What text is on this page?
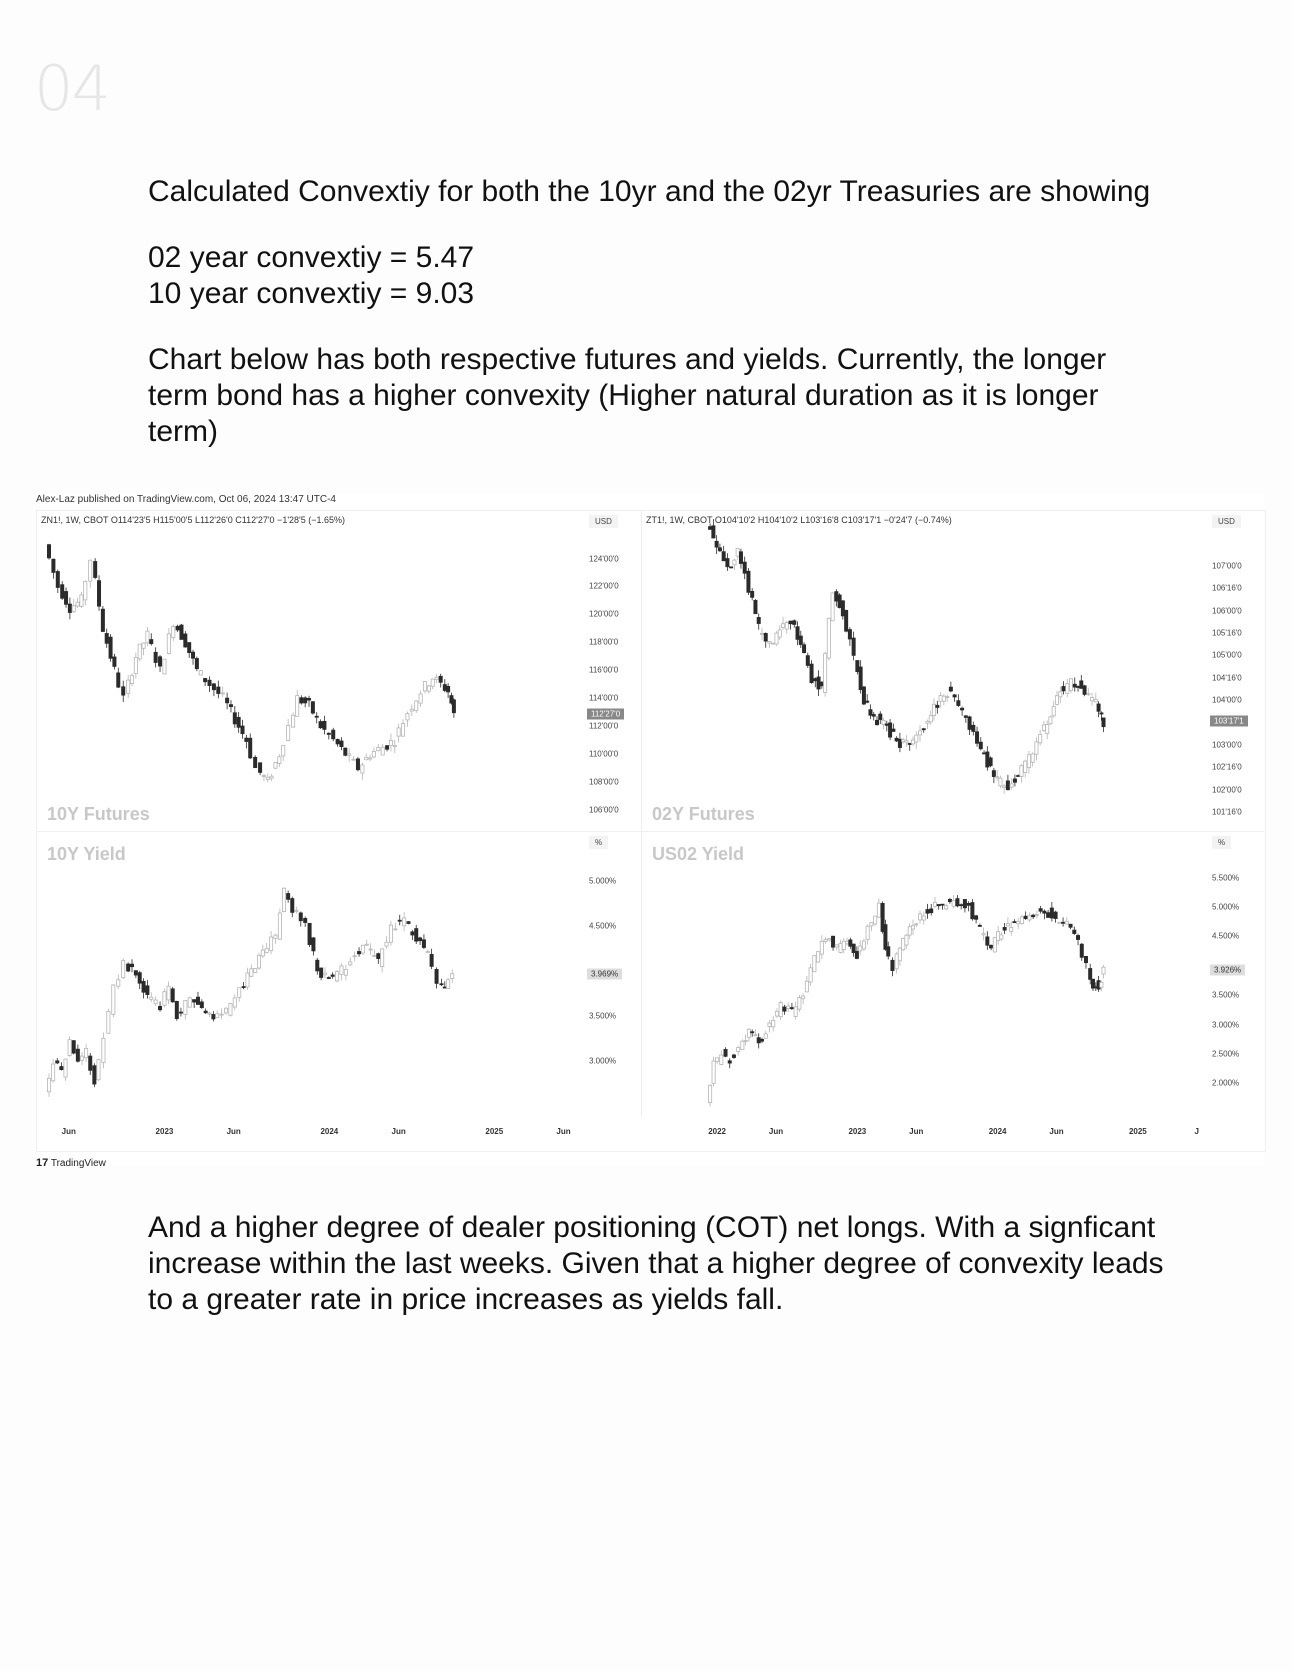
04

Calculated Convextiy for both the 10yr and the 02yr Treasuries are showing

02 year convextiy = 5.47

10 year convextiy = 9.03

Chart below has both respective futures and yields. Currently, the longer term bond has a higher convexity (Higher natural duration as it is longer term)

Alex-Laz published on TradingView.com, Oct 06, 2024 13:47 UTC-4
10Y Futures
ZN1!, 1W, CBOT O114'23'5 H115'00'5 L112'26'0 C112'27'0 −1'28'5 (−1.65%)	USD
124'00'0
122'00'0
120'00'0
118'00'0
116'00'0
114'00'0
112'00'0
110'00'0
108'00'0
106'00'0
112'27'0
02Y Futures
ZT1!, 1W, CBOT O104'10'2 H104'10'2 L103'16'8 C103'17'1 −0'24'7 (−0.74%)	USD
107'00'0
106'16'0
106'00'0
105'16'0
105'00'0
104'16'0
104'00'0
103'00'0
102'16'0
102'00'0
101'16'0
103'17'1
10Y Yield
%
5.000%
4.500%
3.500%
3.000%
3.969%
US02 Yield
%
5.500%
5.000%
4.500%
3.500%
3.000%
2.500%
2.000%
3.926%
Jun	2023	Jun	2024	Jun	2025	Jun	2022	Jun	2023	Jun	2024	Jun	2025	J
17 TradingView

And a higher degree of dealer positioning (COT) net longs. With a signficant increase within the last weeks. Given that a higher degree of convexity leads to a greater rate in price increases as yields fall.
